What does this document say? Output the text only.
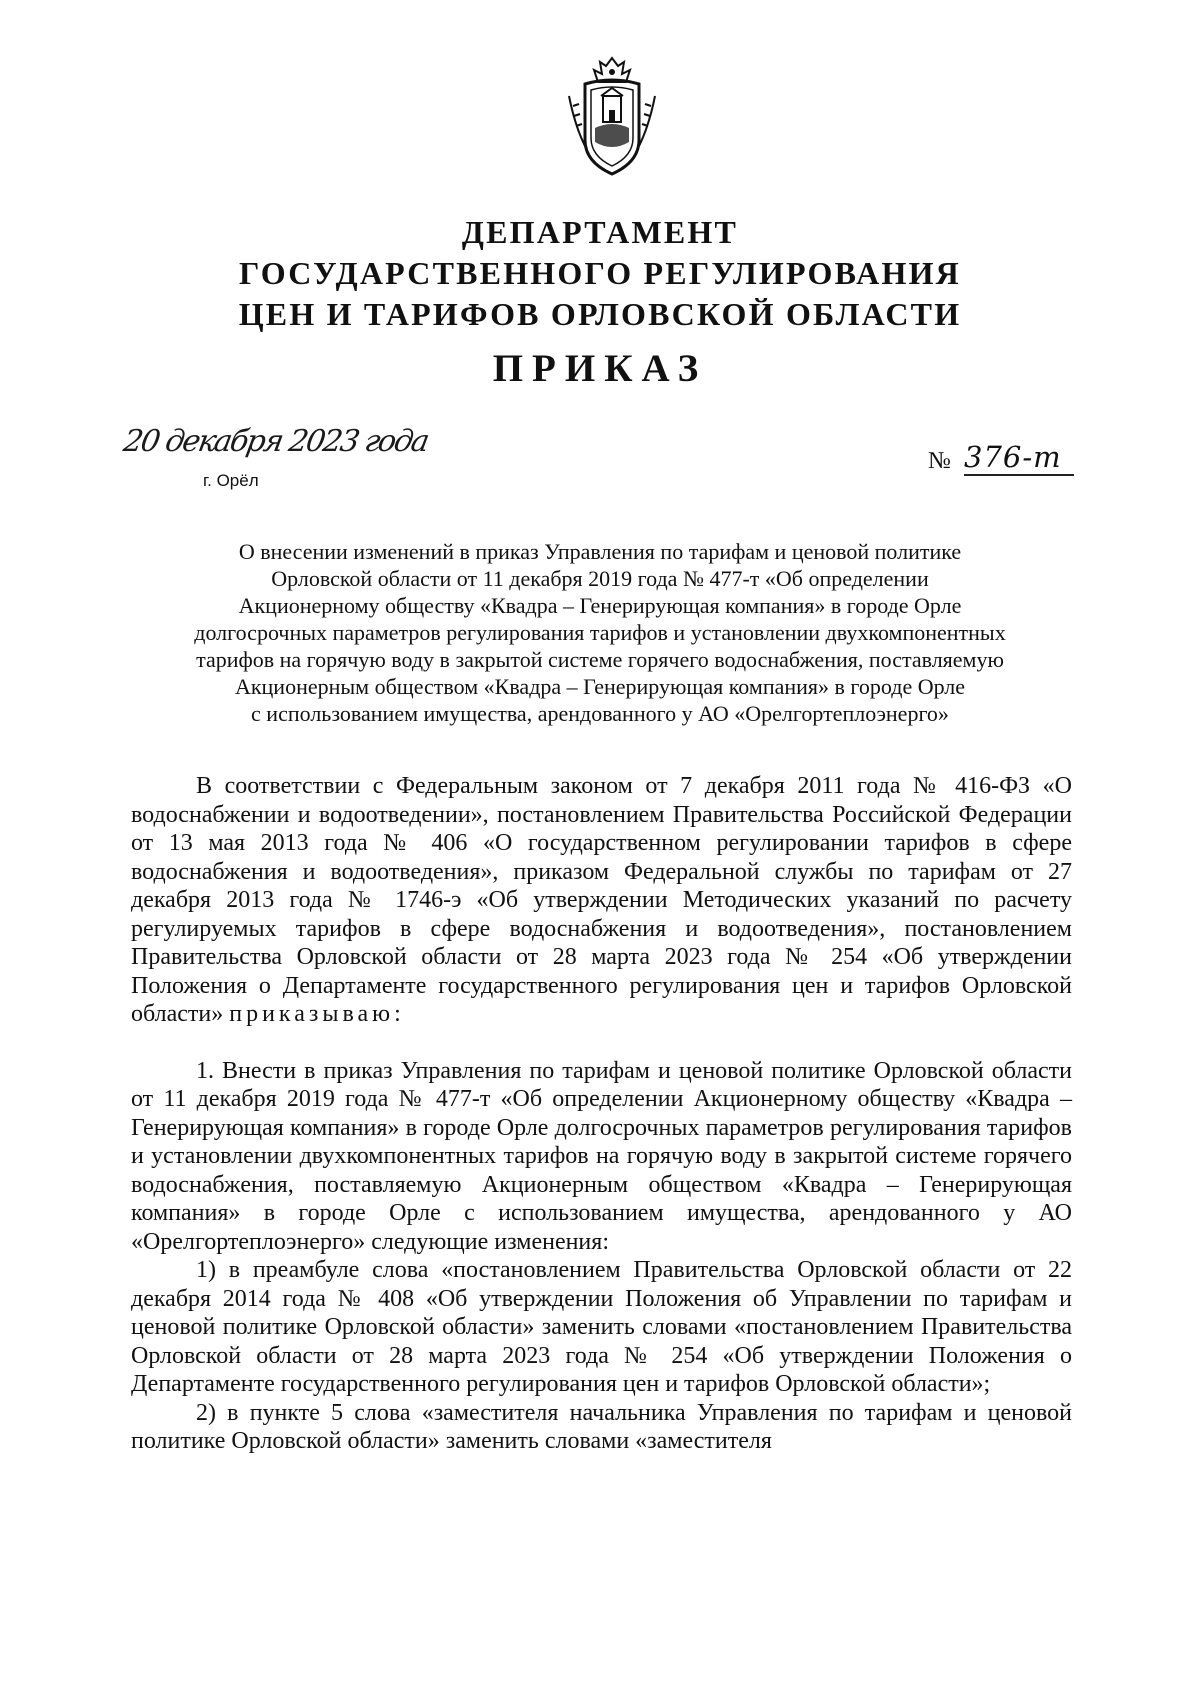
ДЕПАРТАМЕНТ
ГОСУДАРСТВЕННОГО РЕГУЛИРОВАНИЯ
ЦЕН И ТАРИФОВ ОРЛОВСКОЙ ОБЛАСТИ
ПРИКАЗ
20 декабря 2023 года
г. Орёл
№ 376-т
О внесении изменений в приказ Управления по тарифам и ценовой политике
Орловской области от 11 декабря 2019 года № 477-т «Об определении
Акционерному обществу «Квадра – Генерирующая компания» в городе Орле
долгосрочных параметров регулирования тарифов и установлении двухкомпонентных
тарифов на горячую воду в закрытой системе горячего водоснабжения, поставляемую
Акционерным обществом «Квадра – Генерирующая компания» в городе Орле
с использованием имущества, арендованного у АО «Орелгортеплоэнерго»

В соответствии с Федеральным законом от 7 декабря 2011 года № 416-ФЗ «О водоснабжении и водоотведении», постановлением Правительства Российской Федерации от 13 мая 2013 года № 406 «О государственном регулировании тарифов в сфере водоснабжения и водоотведения», приказом Федеральной службы по тарифам от 27 декабря 2013 года № 1746-э «Об утверждении Методических указаний по расчету регулируемых тарифов в сфере водоснабжения и водоотведения», постановлением Правительства Орловской области от 28 марта 2023 года № 254 «Об утверждении Положения о Департаменте государственного регулирования цен и тарифов Орловской области» приказываю:

1. Внести в приказ Управления по тарифам и ценовой политике Орловской области от 11 декабря 2019 года № 477-т «Об определении Акционерному обществу «Квадра – Генерирующая компания» в городе Орле долгосрочных параметров регулирования тарифов и установлении двухкомпонентных тарифов на горячую воду в закрытой системе горячего водоснабжения, поставляемую Акционерным обществом «Квадра – Генерирующая компания» в городе Орле с использованием имущества, арендованного у АО «Орелгортеплоэнерго» следующие изменения:

1) в преамбуле слова «постановлением Правительства Орловской области от 22 декабря 2014 года № 408 «Об утверждении Положения об Управлении по тарифам и ценовой политике Орловской области» заменить словами «постановлением Правительства Орловской области от 28 марта 2023 года № 254 «Об утверждении Положения о Департаменте государственного регулирования цен и тарифов Орловской области»;

2) в пункте 5 слова «заместителя начальника Управления по тарифам и ценовой политике Орловской области» заменить словами «заместителя
